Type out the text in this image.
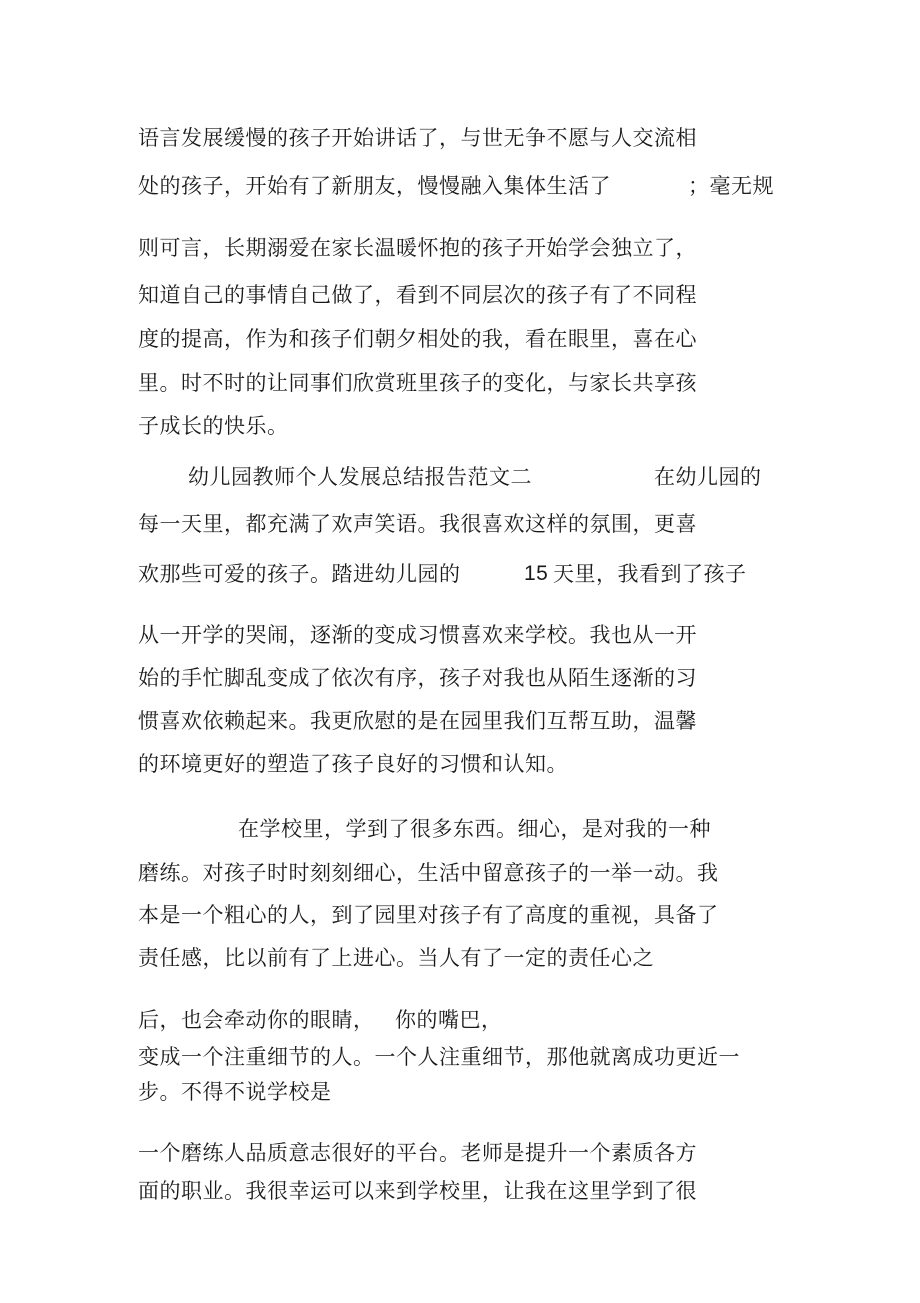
语言发展缓慢的孩子开始讲话了，与世无争不愿与人交流相
处的孩子，开始有了新朋友，慢慢融入集体生活了	；毫无规
则可言，长期溺爱在家长温暖怀抱的孩子开始学会独立了，
知道自己的事情自己做了，看到不同层次的孩子有了不同程
度的提高，作为和孩子们朝夕相处的我，看在眼里，喜在心
里。时不时的让同事们欣赏班里孩子的变化，与家长共享孩
子成长的快乐。
幼儿园教师个人发展总结报告范文二	在幼儿园的
每一天里，都充满了欢声笑语。我很喜欢这样的氛围，更喜
欢那些可爱的孩子。踏进幼儿园的	15 天里，我看到了孩子
从一开学的哭闹，逐渐的变成习惯喜欢来学校。我也从一开
始的手忙脚乱变成了依次有序，孩子对我也从陌生逐渐的习
惯喜欢依赖起来。我更欣慰的是在园里我们互帮互助，温馨
的环境更好的塑造了孩子良好的习惯和认知。
在学校里，学到了很多东西。细心，是对我的一种
磨练。对孩子时时刻刻细心，生活中留意孩子的一举一动。我
本是一个粗心的人，到了园里对孩子有了高度的重视，具备了
责任感，比以前有了上进心。当人有了一定的责任心之
后，也会牵动你的眼睛， 你的嘴巴，
变成一个注重细节的人。一个人注重细节，那他就离成功更近一
步。不得不说学校是
一个磨练人品质意志很好的平台。老师是提升一个素质各方
面的职业。我很幸运可以来到学校里，让我在这里学到了很
